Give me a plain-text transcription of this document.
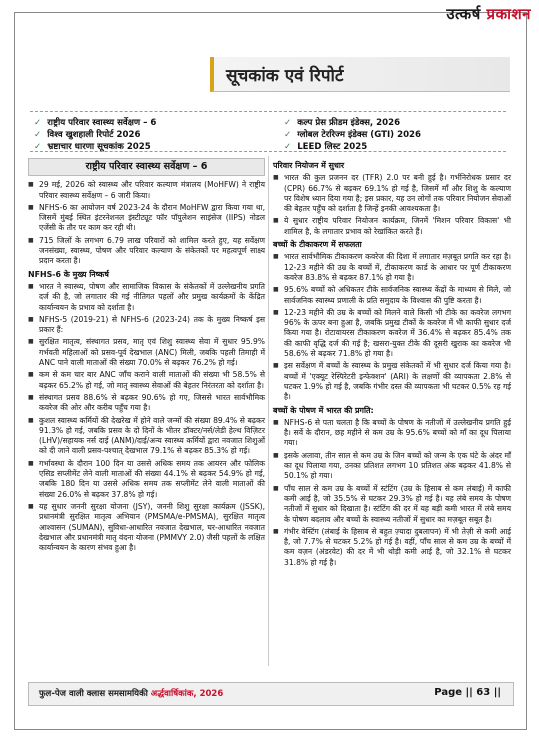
उत्कर्ष प्रकाशन
सूचकांक एवं रिपोर्ट
✓ राष्ट्रीय परिवार स्वास्थ्य सर्वेक्षण – 6
✓ विश्व खुशहाली रिपोर्ट 2026
✓ भ्रष्टाचार धारणा सूचकांक 2025
✓ कल्प प्रेस फ्रीडम इंडेक्स, 2026
✓ ग्लोबल टेररिज्म इंडेक्स (GTI) 2026
✓ LEED लिस्ट 2025
राष्ट्रीय परिवार स्वास्थ्य सर्वेक्षण – 6
■ 29 मई, 2026 को स्वास्थ्य और परिवार कल्याण मंत्रालय (MoHFW) ने राष्ट्रीय परिवार स्वास्थ्य सर्वेक्षण – 6 जारी किया।
■ NFHS-6 का आयोजन वर्ष 2023-24 के दौरान MoHFW द्वारा किया गया था, जिसमें मुंबई स्थित इंटरनेशनल इंस्टीट्यूट फॉर पॉपुलेशन साइंसेज (IIPS) नोडल एजेंसी के तौर पर काम कर रही थी।
■ 715 जिलों के लगभग 6.79 लाख परिवारों को शामिल करते हुए, यह सर्वेक्षण जनसंख्या, स्वास्थ्य, पोषण और परिवार कल्याण के संकेतकों पर महत्वपूर्ण साक्ष्य प्रदान करता है।
NFHS-6 के मुख्य निष्कर्ष
■ भारत ने स्वास्थ्य, पोषण और सामाजिक विकास के संकेतकों में उल्लेखनीय प्रगति दर्ज की है, जो लगातार की गई नीतिगत पहलों और प्रमुख कार्यक्रमों के केंद्रित कार्यान्वयन के प्रभाव को दर्शाता है।
■ NFHS-5 (2019-21) से NFHS-6 (2023-24) तक के मुख्य निष्कर्ष इस प्रकार हैं:
■ सुरक्षित मातृत्व, संस्थागत प्रसव, मातृ एवं शिशु स्वास्थ्य सेवा में सुधार 95.9% गर्भवती महिलाओं को प्रसव-पूर्व देखभाल (ANC) मिली, जबकि पहली तिमाही में ANC पाने वाली माताओं की संख्या 70.0% से बढ़कर 76.2% हो गई।
■ कम से कम चार बार ANC जाँच कराने वाली माताओं की संख्या भी 58.5% से बढ़कर 65.2% हो गई, जो मातृ स्वास्थ्य सेवाओं की बेहतर निरंतरता को दर्शाता है।
■ संस्थागत प्रसव 88.6% से बढ़कर 90.6% हो गए, जिससे भारत सार्वभौमिक कवरेज की ओर और करीब पहुँच गया है।
■ कुशल स्वास्थ्य कर्मियों की देखरेख में होने वाले जन्मों की संख्या 89.4% से बढ़कर 91.3% हो गई, जबकि प्रसव के दो दिनों के भीतर डॉक्टर/नर्स/लेडी हेल्थ विज़िटर (LHV)/सहायक नर्स दाई (ANM)/दाई/अन्य स्वास्थ्य कर्मियों द्वारा नवजात शिशुओं को दी जाने वाली प्रसव-पश्चात् देखभाल 79.1% से बढ़कर 85.3% हो गई।
■ गर्भावस्था के दौरान 100 दिन या उससे अधिक समय तक आयरन और फोलिक एसिड सप्लीमेंट लेने वाली माताओं की संख्या 44.1% से बढ़कर 54.9% हो गई, जबकि 180 दिन या उससे अधिक समय तक सप्लीमेंट लेने वाली माताओं की संख्या 26.0% से बढ़कर 37.8% हो गई।
■ यह सुधार जननी सुरक्षा योजना (JSY), जननी शिशु सुरक्षा कार्यक्रम (JSSK), प्रधानमंत्री सुरक्षित मातृत्व अभियान (PMSMA/e-PMSMA), सुरक्षित मातृत्व आश्वासन (SUMAN), सुविधा-आधारित नवजात देखभाल, घर-आधारित नवजात देखभाल और प्रधानमंत्री मातृ वंदना योजना (PMMVY 2.0) जैसी पहलों के लक्षित कार्यान्वयन के कारण संभव हुआ है।
परिवार नियोजन में सुधार
■ भारत की कुल प्रजनन दर (TFR) 2.0 पर बनी हुई है। गर्भनिरोधक प्रसार दर (CPR) 66.7% से बढ़कर 69.1% हो गई है, जिसमें माँ और शिशु के कल्याण पर विशेष ध्यान दिया गया है; इस प्रकार, यह उन लोगों तक परिवार नियोजन सेवाओं की बेहतर पहुँच को दर्शाता है जिन्हें इनकी आवश्यकता है।
■ ये सुधार राष्ट्रीय परिवार नियोजन कार्यक्रम, जिनमें 'मिशन परिवार विकास' भी शामिल है, के लगातार प्रभाव को रेखांकित करते हैं।
बच्चों के टीकाकरण में सफलता
■ भारत सार्वभौमिक टीकाकरण कवरेज की दिशा में लगातार मज़बूत प्रगति कर रहा है। 12-23 महीने की उम्र के बच्चों में, टीकाकरण कार्ड के आधार पर पूर्ण टीकाकरण कवरेज 83.8% से बढ़कर 87.1% हो गया है।
■ 95.6% बच्चों को अधिकतर टीके सार्वजनिक स्वास्थ्य केंद्रों के माध्यम से मिले, जो सार्वजनिक स्वास्थ्य प्रणाली के प्रति समुदाय के विश्वास की पुष्टि करता है।
■ 12-23 महीने की उम्र के बच्चों को मिलने वाले किसी भी टीके का कवरेज लगभग 96% के ऊपर बना हुआ है, जबकि प्रमुख टीकों के कवरेज में भी काफी सुधार दर्ज किया गया है। रोटावायरस टीकाकरण कवरेज में 36.4% से बढ़कर 85.4% तक की काफी वृद्धि दर्ज की गई है; खसरा-युक्त टीके की दूसरी खुराक का कवरेज भी 58.6% से बढ़कर 71.8% हो गया है।
■ इस सर्वेक्षण में बच्चों के स्वास्थ्य के प्रमुख संकेतकों में भी सुधार दर्ज किया गया है। बच्चों में 'एक्यूट रेस्पिरेटरी इन्फेक्शन' (ARI) के लक्षणों की व्यापकता 2.8% से घटकर 1.9% हो गई है, जबकि गंभीर दस्त की व्यापकता भी घटकर 0.5% रह गई है।
बच्चों के पोषण में भारत की प्रगति:
■ NFHS-6 से पता चलता है कि बच्चों के पोषण के नतीजों में उल्लेखनीय प्रगति हुई है। सर्वे के दौरान, छह महीने से कम उम्र के 95.6% बच्चों को माँ का दूध पिलाया गया।
■ इसके अलावा, तीन साल से कम उम्र के जिन बच्चों को जन्म के एक घंटे के अंदर माँ का दूध पिलाया गया, उनका प्रतिशत लगभग 10 प्रतिशत अंक बढ़कर 41.8% से 50.1% हो गया।
■ पाँच साल से कम उम्र के बच्चों में स्टंटिंग (उम्र के हिसाब से कम लंबाई) में काफी कमी आई है, जो 35.5% से घटकर 29.3% हो गई है। यह लंबे समय के पोषण नतीजों में सुधार को दिखाता है। स्टंटिंग की दर में यह बड़ी कमी भारत में लंबे समय के पोषण बदलाव और बच्चों के स्वास्थ्य नतीजों में सुधार का मज़बूत सबूत है।
■ गंभीर वेस्टिंग (लंबाई के हिसाब से बहुत ज़्यादा दुबलापन) में भी तेज़ी से कमी आई है, जो 7.7% से घटकर 5.2% हो गई है। वहीं, पाँच साल से कम उम्र के बच्चों में कम वज़न (अंडरवेट) की दर में भी थोड़ी कमी आई है, जो 32.1% से घटकर 31.8% हो गई है।
फुल-पेज वाली क्लास समसामयिकी अर्द्धवार्षिकांक, 2026	Page || 63 ||
